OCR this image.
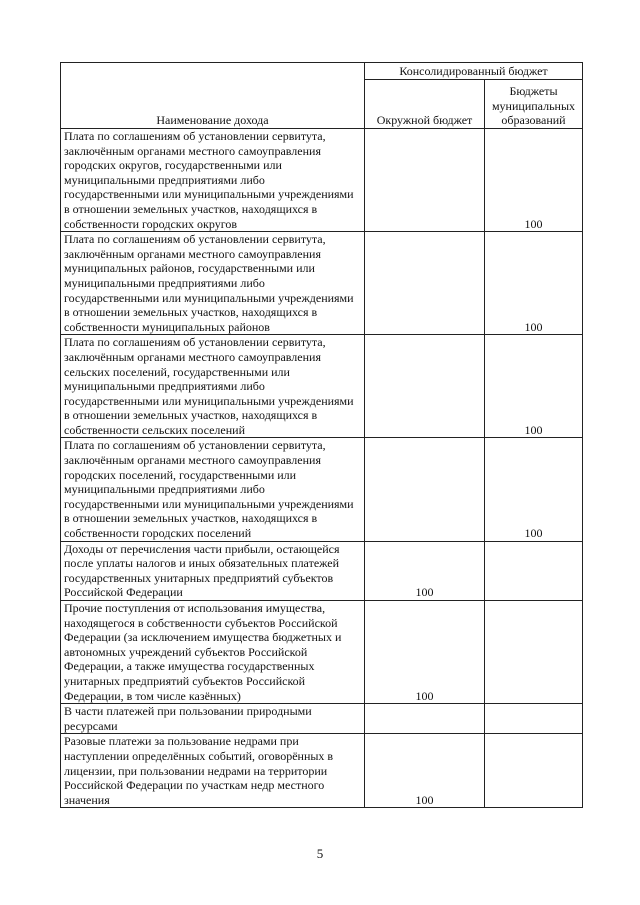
Наименование дохода	Консолидированный бюджет	
	Окружной бюджет	Бюджеты муниципальных образований
Плата по соглашениям об установлении сервитута, заключённым органами местного самоуправления городских округов, государственными или муниципальными предприятиями либо государственными или муниципальными учреждениями в отношении земельных участков, находящихся в собственности городских округов		100
Плата по соглашениям об установлении сервитута, заключённым органами местного самоуправления муниципальных районов, государственными или муниципальными предприятиями либо государственными или муниципальными учреждениями в отношении земельных участков, находящихся в собственности муниципальных районов		100
Плата по соглашениям об установлении сервитута, заключённым органами местного самоуправления сельских поселений, государственными или муниципальными предприятиями либо государственными или муниципальными учреждениями в отношении земельных участков, находящихся в собственности сельских поселений		100
Плата по соглашениям об установлении сервитута, заключённым органами местного самоуправления городских поселений, государственными или муниципальными предприятиями либо государственными или муниципальными учреждениями в отношении земельных участков, находящихся в собственности городских поселений		100
Доходы от перечисления части прибыли, остающейся после уплаты налогов и иных обязательных платежей государственных унитарных предприятий субъектов Российской Федерации	100	
Прочие поступления от использования имущества, находящегося в собственности субъектов Российской Федерации (за исключением имущества бюджетных и автономных учреждений субъектов Российской Федерации, а также имущества государственных унитарных предприятий субъектов Российской Федерации, в том числе казённых)	100	
В части платежей при пользовании природными ресурсами		
Разовые платежи за пользование недрами при наступлении определённых событий, оговорённых в лицензии, при пользовании недрами на территории Российской Федерации по участкам недр местного значения	100	
5
